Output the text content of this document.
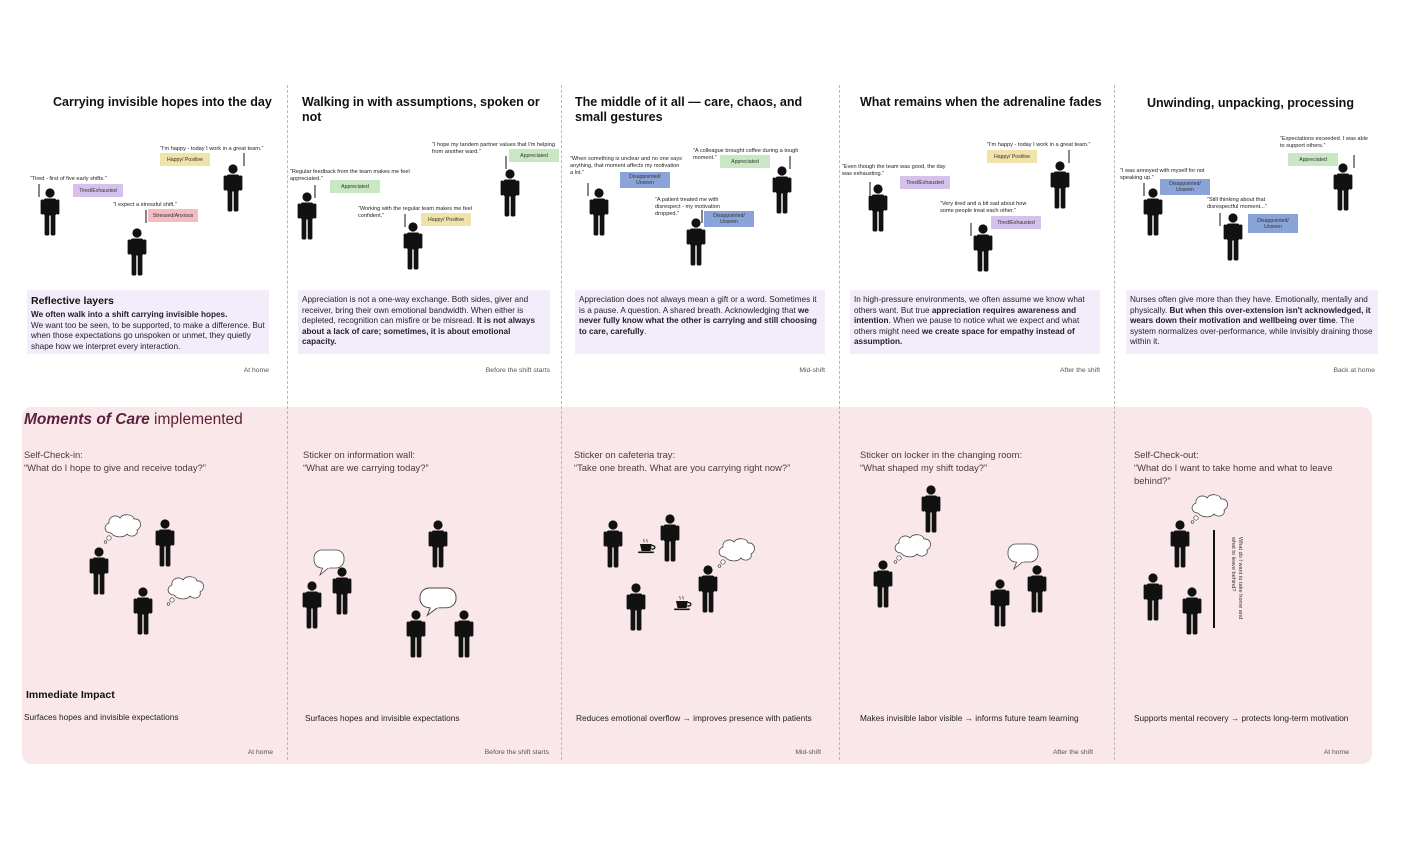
Carrying invisible hopes into the day
“Tired - first of five early shifts.”
Tired/Exhausted
“I'm happy - today I work in a great team.”
Happy/ Positive
“I expect a stressful shift.”
Stressed/Anxious
Reflective layers
We often walk into a shift carrying invisible hopes.
We want too be seen, to be supported, to make a difference. But when those expectations go unspoken or unmet, they quietly shape how we interpret every interaction.
At home
Walking in with assumptions, spoken or not
“Regular feedback from the team makes me feel appreciated.”
Appreciated
“I hope my tandem partner values that I'm helping from another ward.”
Appreciated
“Working with the regular team makes me feel confident.”
Happy/ Positive
Appreciation is not a one-way exchange. Both sides, giver and receiver, bring their own emotional bandwidth. When either is depleted, recognition can misfire or be misread. It is not always about a lack of care; sometimes, it is about emotional capacity.
Before the shift starts
The middle of it all — care, chaos, and small gestures
“When something is unclear and no one says anything, that moment affects my motivation a lot.”
Disappointed/ Unseen
“A colleague brought coffee during a tough moment.”
Appreciated
“A patient treated me with disrespect - my motivation dropped.”	Disappointed/ Unseen
Appreciation does not always mean a gift or a word. Sometimes it is a pause. A question. A shared breath. Acknowledging that we never fully know what the other is carrying and still choosing to care, carefully.
Mid-shift
What remains when the adrenaline fades
“Even though the team was good, the day was exhausting.”
Tired/Exhausted
“I'm happy - today I work in a great team.”
Happy/ Positive
“Very tired and a bit sad about how some people treat each other.”
Tired/Exhausted
In high-pressure environments, we often assume we know what others want. But true appreciation requires awareness and intention. When we pause to notice what we expect and what others might need we create space for empathy instead of assumption.
After the shift
Unwinding, unpacking, processing
“I was annoyed with myself for not speaking up.”
Disappointed/ Unseen
“Expectations exceeded. I was able to support others.”
Appreciated
“Still thinking about that disrespectful moment...”
Disappointed/ Unseen
Nurses often give more than they have. Emotionally, mentally and physically. But when this over-extension isn't acknowledged, it wears down their motivation and wellbeing over time. The system normalizes over-performance, while invisibly draining those within it.
Back at home
Moments of Care implemented
Self-Check-in:
“What do I hope to give and receive today?”
Sticker on information wall:
“What are we carrying today?”
Sticker on cafeteria tray:
“Take one breath. What are you carrying right now?”
Sticker on locker in the changing room:
“What shaped my shift today?”
Self-Check-out:
“What do I want to take home and what to leave behind?”
What do I want to take home and what to leave behind?
Immediate Impact
Surfaces hopes and invisible expectations	Surfaces hopes and invisible expectations	Reduces emotional overflow → improves presence with patients	Makes invisible labor visible → informs future team learning	Supports mental recovery → protects long-term motivation
At home	Before the shift starts	Mid-shift	After the shift	At home
